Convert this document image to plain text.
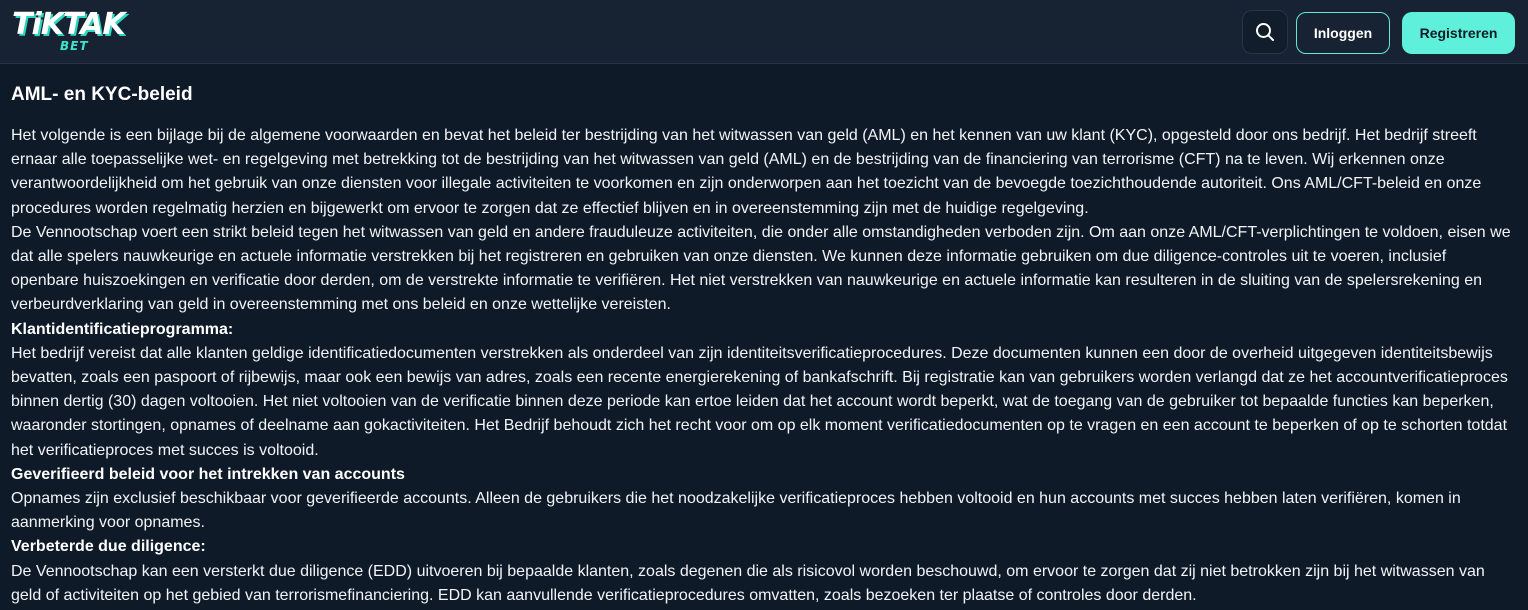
TiKTAK
BET
Inloggen	Registreren
AML- en KYC-beleid

Het volgende is een bijlage bij de algemene voorwaarden en bevat het beleid ter bestrijding van het witwassen van geld (AML) en het kennen van uw klant (KYC), opgesteld door ons bedrijf. Het bedrijf streeft ernaar alle toepasselijke wet- en regelgeving met betrekking tot de bestrijding van het witwassen van geld (AML) en de bestrijding van de financiering van terrorisme (CFT) na te leven. Wij erkennen onze verantwoordelijkheid om het gebruik van onze diensten voor illegale activiteiten te voorkomen en zijn onderworpen aan het toezicht van de bevoegde toezichthoudende autoriteit. Ons AML/CFT-beleid en onze procedures worden regelmatig herzien en bijgewerkt om ervoor te zorgen dat ze effectief blijven en in overeenstemming zijn met de huidige regelgeving.

De Vennootschap voert een strikt beleid tegen het witwassen van geld en andere frauduleuze activiteiten, die onder alle omstandigheden verboden zijn. Om aan onze AML/CFT-verplichtingen te voldoen, eisen we dat alle spelers nauwkeurige en actuele informatie verstrekken bij het registreren en gebruiken van onze diensten. We kunnen deze informatie gebruiken om due diligence-controles uit te voeren, inclusief openbare huiszoekingen en verificatie door derden, om de verstrekte informatie te verifiëren. Het niet verstrekken van nauwkeurige en actuele informatie kan resulteren in de sluiting van de spelersrekening en verbeurdverklaring van geld in overeenstemming met ons beleid en onze wettelijke vereisten.

Klantidentificatieprogramma:

Het bedrijf vereist dat alle klanten geldige identificatiedocumenten verstrekken als onderdeel van zijn identiteitsverificatieprocedures. Deze documenten kunnen een door de overheid uitgegeven identiteitsbewijs bevatten, zoals een paspoort of rijbewijs, maar ook een bewijs van adres, zoals een recente energierekening of bankafschrift. Bij registratie kan van gebruikers worden verlangd dat ze het accountverificatieproces binnen dertig (30) dagen voltooien. Het niet voltooien van de verificatie binnen deze periode kan ertoe leiden dat het account wordt beperkt, wat de toegang van de gebruiker tot bepaalde functies kan beperken, waaronder stortingen, opnames of deelname aan gokactiviteiten. Het Bedrijf behoudt zich het recht voor om op elk moment verificatiedocumenten op te vragen en een account te beperken of op te schorten totdat het verificatieproces met succes is voltooid.

Geverifieerd beleid voor het intrekken van accounts

Opnames zijn exclusief beschikbaar voor geverifieerde accounts. Alleen de gebruikers die het noodzakelijke verificatieproces hebben voltooid en hun accounts met succes hebben laten verifiëren, komen in aanmerking voor opnames.

Verbeterde due diligence:

De Vennootschap kan een versterkt due diligence (EDD) uitvoeren bij bepaalde klanten, zoals degenen die als risicovol worden beschouwd, om ervoor te zorgen dat zij niet betrokken zijn bij het witwassen van geld of activiteiten op het gebied van terrorismefinanciering. EDD kan aanvullende verificatieprocedures omvatten, zoals bezoeken ter plaatse of controles door derden.
